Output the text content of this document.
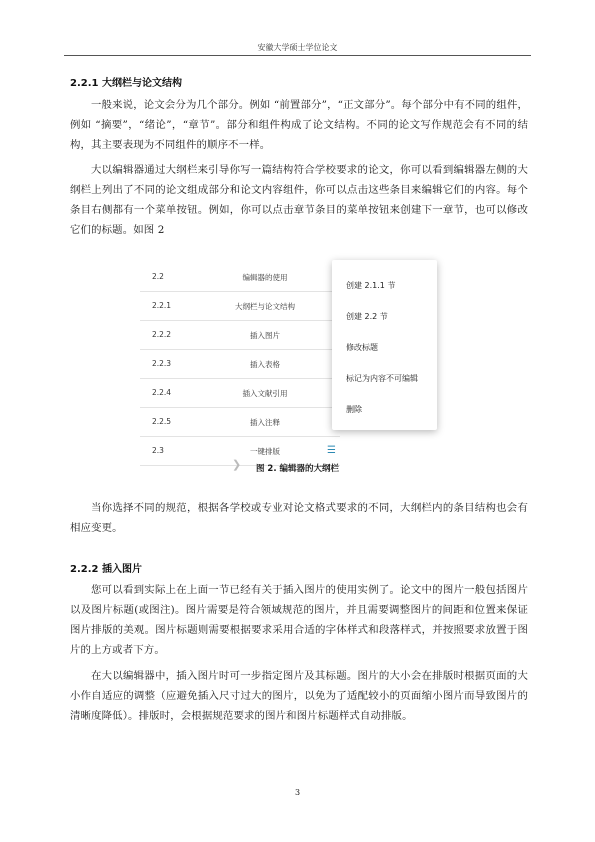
安徽大学硕士学位论文
2.2.1 大纲栏与论文结构

一般来说，论文会分为几个部分。例如 “前置部分”，“正文部分”。每个部分中有不同的组件，例如 “摘要”，“绪论”，“章节”。部分和组件构成了论文结构。不同的论文写作规范会有不同的结构，其主要表现为不同组件的顺序不一样。

大以编辑器通过大纲栏来引导你写一篇结构符合学校要求的论文，你可以看到编辑器左侧的大纲栏上列出了不同的论文组成部分和论文内容组件，你可以点击这些条目来编辑它们的内容。每个条目右侧都有一个菜单按钮。例如，你可以点击章节条目的菜单按钮来创建下一章节，也可以修改它们的标题。如图 2

2.2	编辑器的使用
2.2.1	大纲栏与论文结构
2.2.2	插入图片
2.2.3	插入表格
2.2.4	插入文献引用
2.2.5	插入注释
2.3	一键排版	☰
创建 2.1.1 节
创建 2.2 节
修改标题
标记为内容不可编辑
删除
❯	图 2. 编辑器的大纲栏

当你选择不同的规范，根据各学校或专业对论文格式要求的不同，大纲栏内的条目结构也会有相应变更。

2.2.2 插入图片

您可以看到实际上在上面一节已经有关于插入图片的使用实例了。论文中的图片一般包括图片以及图片标题(或图注)。图片需要是符合领域规范的图片，并且需要调整图片的间距和位置来保证图片排版的美观。图片标题则需要根据要求采用合适的字体样式和段落样式，并按照要求放置于图片的上方或者下方。

在大以编辑器中，插入图片时可一步指定图片及其标题。图片的大小会在排版时根据页面的大小作自适应的调整（应避免插入尺寸过大的图片，以免为了适配较小的页面缩小图片而导致图片的清晰度降低）。排版时，会根据规范要求的图片和图片标题样式自动排版。

3
